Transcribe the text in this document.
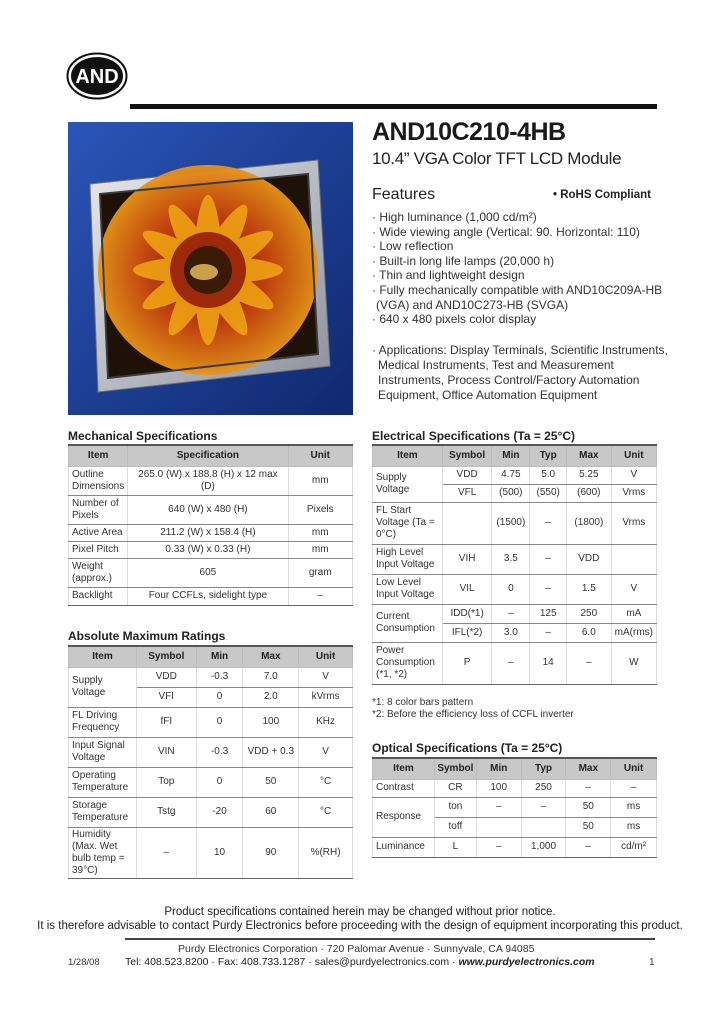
AND
AND10C210-4HB
10.4” VGA Color TFT LCD Module
Features	• RoHS Compliant
· High luminance (1,000 cd/m²)
· Wide viewing angle (Vertical: 90. Horizontal: 110)
· Low reflection
· Built-in long life lamps (20,000 h)
· Thin and lightweight design
· Fully mechanically compatible with AND10C209A-HB
(VGA) and AND10C273-HB (SVGA)
· 640 x 480 pixels color display
· Applications: Display Terminals, Scientific Instruments,
Medical Instruments, Test and Measurement
Instruments, Process Control/Factory Automation
Equipment, Office Automation Equipment
Mechanical Specifications
Item	Specification	Unit
Outline Dimensions	265.0 (W) x 188.8 (H) x 12 max (D)	mm
Number of Pixels	640 (W) x 480 (H)	Pixels
Active Area	211.2 (W) x 158.4 (H)	mm
Pixel Pitch	0.33 (W) x 0.33 (H)	mm
Weight (approx.)	605	gram
Backlight	Four CCFLs, sidelight type	–
Absolute Maximum Ratings
Item	Symbol	Min	Max	Unit
Supply Voltage	VDD	-0.3	7.0	V
	VFI	0	2.0	kVrms
FL Driving Frequency	fFI	0	100	KHz
Input Signal Voltage	VIN	-0.3	VDD + 0.3	V
Operating Temperature	Top	0	50	°C
Storage Temperature	Tstg	-20	60	°C
Humidity (Max. Wet bulb temp = 39°C)	–	10	90	%(RH)
Electrical Specifications (Ta = 25°C)
Item	Symbol	Min	Typ	Max	Unit
Supply Voltage	VDD	4.75	5.0	5.25	V
	VFL	(500)	(550)	(600)	Vrms
FL Start Voltage (Ta = 0°C)		(1500)	–	(1800)	Vrms
High Level Input Voltage	VIH	3.5	–	VDD	
Low Level Input Voltage	VIL	0	–	1.5	V
Current Consumption	IDD(*1)	–	125	250	mA
	IFL(*2)	3.0	–	6.0	mA(rms)
Power Consumption (*1, *2)	P	–	14	–	W
*1: 8 color bars pattern
*2: Before the efficiency loss of CCFL inverter
Optical Specifications (Ta = 25°C)
Item	Symbol	Min	Typ	Max	Unit
Contrast	CR	100	250	–	–
Response	ton	–	–	50	ms
	toff			50	ms
Luminance	L	–	1,000	–	cd/m²
Product specifications contained herein may be changed without prior notice.
It is therefore advisable to contact Purdy Electronics before proceeding with the design of equipment incorporating this product.
Purdy Electronics Corporation · 720 Palomar Avenue · Sunnyvale, CA 94085
1/28/08 Tel: 408.523.8200 · Fax: 408.733.1287 · sales@purdyelectronics.com · www.purdyelectronics.com	1
